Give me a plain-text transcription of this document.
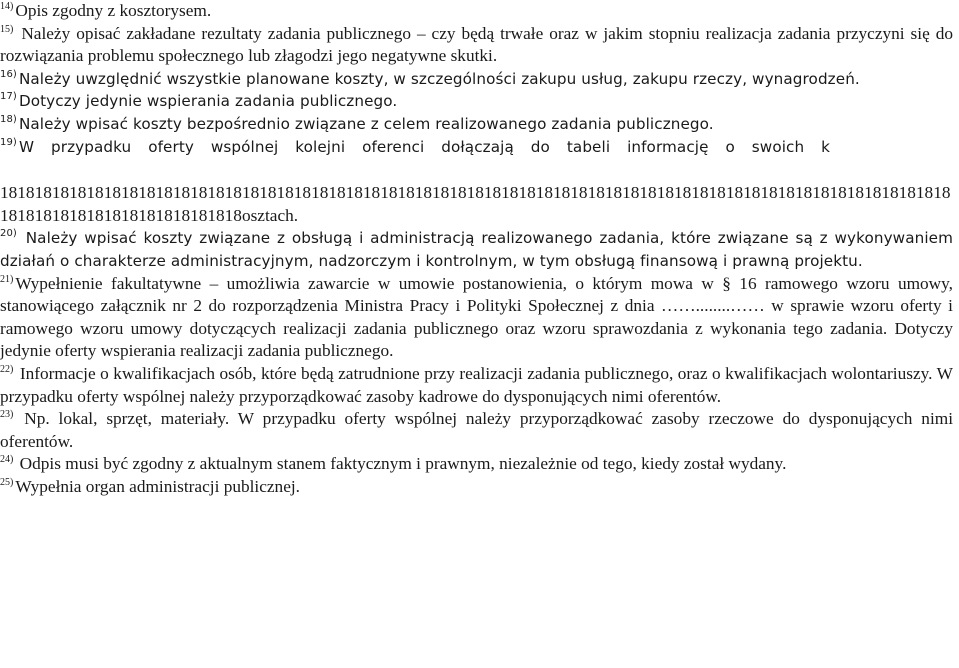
$^{14)}$ Opis zgodny z kosztorysem.

$^{15)}$ Należy opisać zakładane rezultaty zadania publicznego – czy będą trwałe oraz w jakim stopniu realizacja zadania przyczyni się do rozwiązania problemu społecznego lub złagodzi jego negatywne skutki.

$^{16)}$ Należy uwzględnić wszystkie planowane koszty, w szczególności zakupu usług, zakupu rzeczy, wynagrodzeń.

$^{17)}$ Dotyczy jedynie wspierania zadania publicznego.

$^{18)}$ Należy wpisać koszty bezpośrednio związane z celem realizowanego zadania publicznego.

$^{19)}$ W przypadku oferty wspólnej kolejni oferenci dołączają do tabeli informację o swoich k

181818181818181818181818181818181818181818181818181818181818181818181818181818181818181818181818181818181818181818181818181818181818181818osztach.

$^{20)}$ Należy wpisać koszty związane z obsługą i administracją realizowanego zadania, które związane są z wykonywaniem działań o charakterze administracyjnym, nadzorczym i kontrolnym, w tym obsługą finansową i prawną projektu.

$^{21)}$ Wypełnienie fakultatywne – umożliwia zawarcie w umowie postanowienia, o którym mowa w § 16 ramowego wzoru umowy, stanowiącego załącznik nr 2 do rozporządzenia Ministra Pracy i Polityki Społecznej z dnia ……........…… w sprawie wzoru oferty i ramowego wzoru umowy dotyczących realizacji zadania publicznego oraz wzoru sprawozdania z wykonania tego zadania. Dotyczy jedynie oferty wspierania realizacji zadania publicznego.

$^{22)}$ Informacje o kwalifikacjach osób, które będą zatrudnione przy realizacji zadania publicznego, oraz o kwalifikacjach wolontariuszy. W przypadku oferty wspólnej należy przyporządkować zasoby kadrowe do dysponujących nimi oferentów.

$^{23)}$ Np. lokal, sprzęt, materiały. W przypadku oferty wspólnej należy przyporządkować zasoby rzeczowe do dysponujących nimi oferentów.

$^{24)}$ Odpis musi być zgodny z aktualnym stanem faktycznym i prawnym, niezależnie od tego, kiedy został wydany.

$^{25)}$ Wypełnia organ administracji publicznej.
